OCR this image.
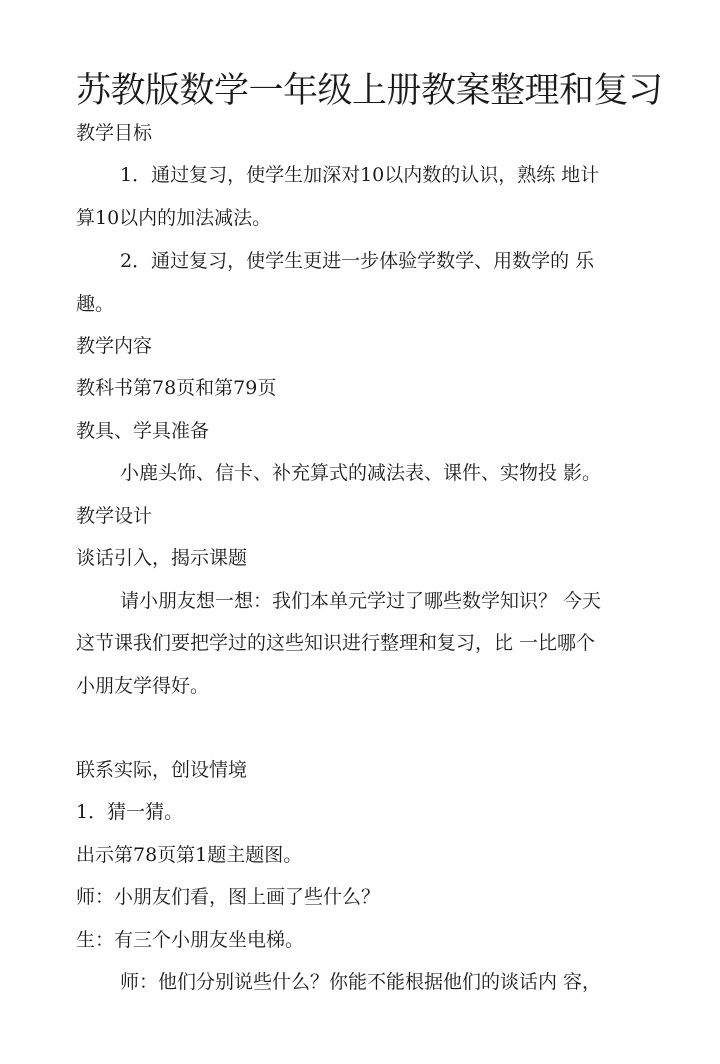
苏教版数学一年级上册教案整理和复习
教学目标
1．通过复习，使学生加深对10以内数的认识，熟练 地计
算10以内的加法减法。
2．通过复习，使学生更进一步体验学数学、用数学的 乐
趣。
教学内容
教科书第78页和第79页
教具、学具准备
小鹿头饰、信卡、补充算式的减法表、课件、实物投 影。
教学设计
谈话引入，揭示课题
请小朋友想一想：我们本单元学过了哪些数学知识？ 今天
这节课我们要把学过的这些知识进行整理和复习，比 一比哪个
小朋友学得好。
联系实际，创设情境
1．猜一猜。
出示第78页第1题主题图。
师：小朋友们看，图上画了些什么？
生：有三个小朋友坐电梯。
师：他们分别说些什么？你能不能根据他们的谈话内 容，
